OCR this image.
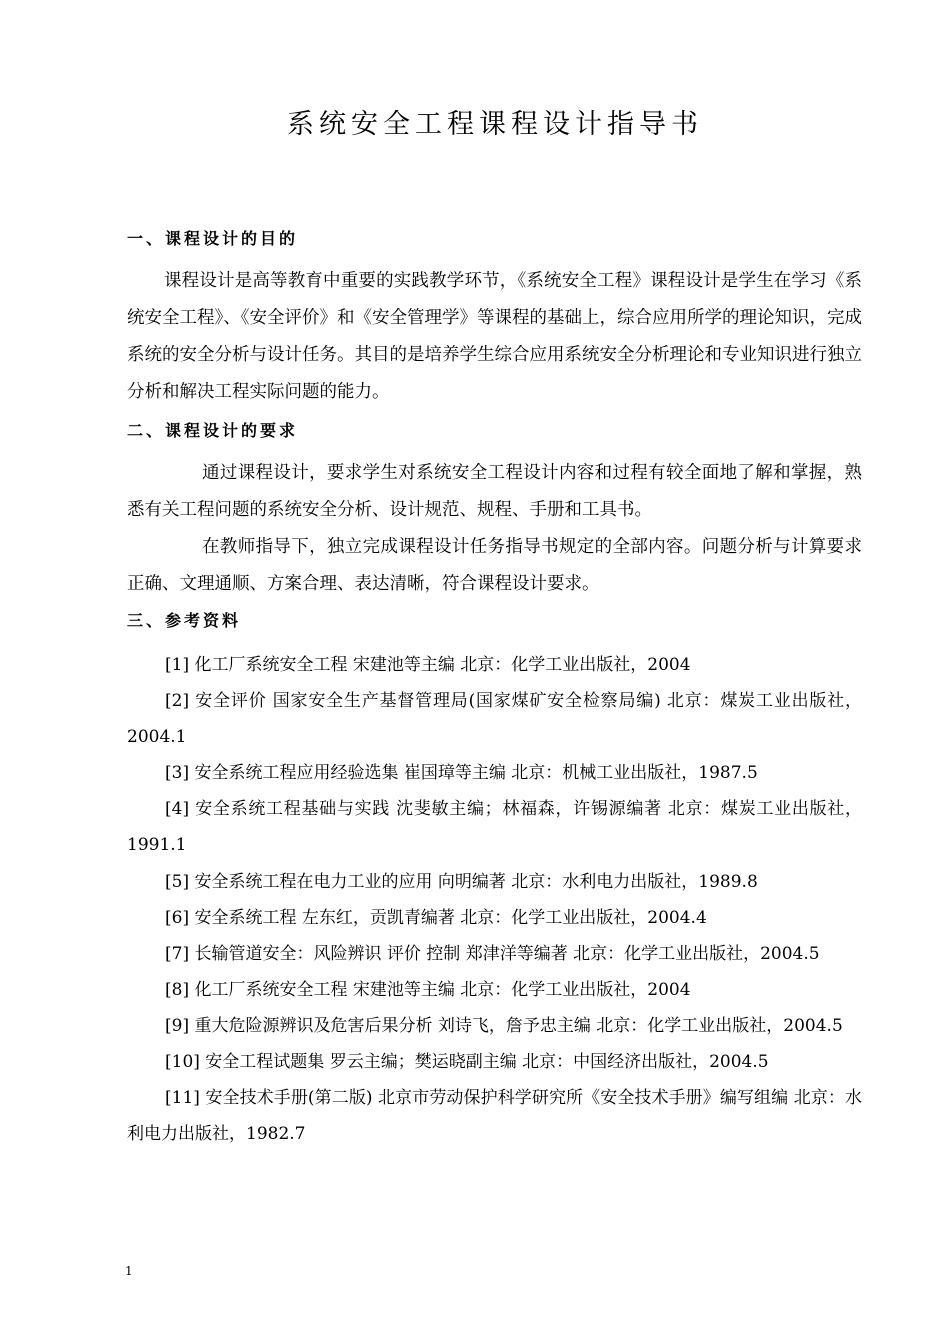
系统安全工程课程设计指导书
一、课程设计的目的

课程设计是高等教育中重要的实践教学环节，《系统安全工程》课程设计是学生在学习《系统安全工程》、《安全评价》和《安全管理学》等课程的基础上，综合应用所学的理论知识，完成系统的安全分析与设计任务。其目的是培养学生综合应用系统安全分析理论和专业知识进行独立分析和解决工程实际问题的能力。

二、课程设计的要求

通过课程设计，要求学生对系统安全工程设计内容和过程有较全面地了解和掌握，熟悉有关工程问题的系统安全分析、设计规范、规程、手册和工具书。

在教师指导下，独立完成课程设计任务指导书规定的全部内容。问题分析与计算要求正确、文理通顺、方案合理、表达清晰，符合课程设计要求。

三、参考资料
[1] 化工厂系统安全工程 宋建池等主编 北京：化学工业出版社，2004
[2] 安全评价 国家安全生产基督管理局(国家煤矿安全检察局编) 北京：煤炭工业出版社，2004.1
[3] 安全系统工程应用经验选集 崔国璋等主编 北京：机械工业出版社，1987.5
[4] 安全系统工程基础与实践 沈斐敏主编；林福森，许锡源编著 北京：煤炭工业出版社，1991.1
[5] 安全系统工程在电力工业的应用 向明编著 北京：水利电力出版社，1989.8
[6] 安全系统工程 左东红，贡凯青编著 北京：化学工业出版社，2004.4
[7] 长输管道安全：风险辨识 评价 控制 郑津洋等编著 北京：化学工业出版社，2004.5
[8] 化工厂系统安全工程 宋建池等主编 北京：化学工业出版社，2004
[9] 重大危险源辨识及危害后果分析 刘诗飞，詹予忠主编 北京：化学工业出版社，2004.5
[10] 安全工程试题集 罗云主编；樊运晓副主编 北京：中国经济出版社，2004.5
[11] 安全技术手册(第二版) 北京市劳动保护科学研究所《安全技术手册》编写组编 北京：水利电力出版社，1982.7
1
